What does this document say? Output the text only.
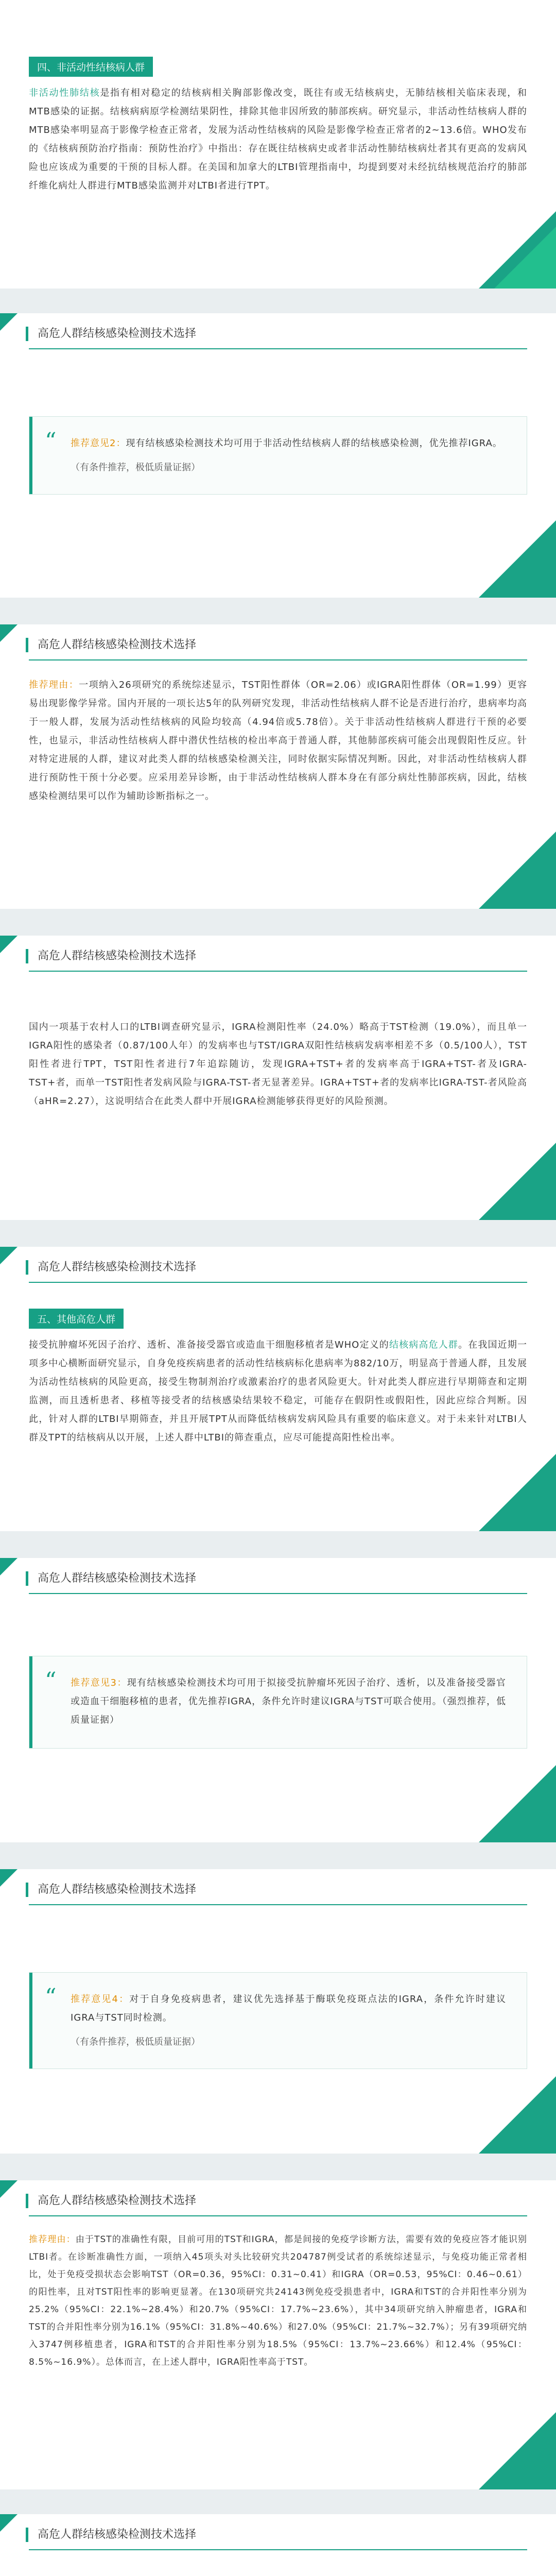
四、非活动性结核病人群

非活动性肺结核是指有相对稳定的结核病相关胸部影像改变，既往有或无结核病史，无肺结核相关临床表现，和MTB感染的证据。结核病病原学检测结果阴性，排除其他非因所致的肺部疾病。研究显示，非活动性结核病人群的MTB感染率明显高于影像学检查正常者，发展为活动性结核病的风险是影像学检查正常者的2~13.6倍。WHO发布的《结核病预防治疗指南：预防性治疗》中指出：存在既往结核病史或者非活动性肺结核病灶者其有更高的发病风险也应该成为重要的干预的目标人群。在美国和加拿大的LTBI管理指南中，均提到要对未经抗结核规范治疗的肺部纤维化病灶人群进行MTB感染监测并对LTBI者进行TPT。

高危人群结核感染检测技术选择
“ 推荐意见2：现有结核感染检测技术均可用于非活动性结核病人群的结核感染检测，优先推荐IGRA。

（有条件推荐，极低质量证据）

高危人群结核感染检测技术选择

推荐理由：一项纳入26项研究的系统综述显示，TST阳性群体（OR=2.06）或IGRA阳性群体（OR=1.99）更容易出现影像学异常。国内开展的一项长达5年的队列研究发现，非活动性结核病人群不论是否进行治疗，患病率均高于一般人群，发展为活动性结核病的风险均较高（4.94倍或5.78倍）。关于非活动性结核病人群进行干预的必要性，也显示，非活动性结核病人群中潜伏性结核的检出率高于普通人群，其他肺部疾病可能会出现假阳性反应。针对特定进展的人群，建议对此类人群的结核感染检测关注，同时依据实际情况判断。因此，对非活动性结核病人群进行预防性干预十分必要。应采用差异诊断，由于非活动性结核病人群本身在有部分病灶性肺部疾病，因此，结核感染检测结果可以作为辅助诊断指标之一。

高危人群结核感染检测技术选择

国内一项基于农村人口的LTBI调查研究显示，IGRA检测阳性率（24.0%）略高于TST检测（19.0%），而且单一IGRA阳性的感染者（0.87/100人年）的发病率也与TST/IGRA双阳性结核病发病率相差不多（0.5/100人），TST阳性者进行TPT，TST阳性者进行7年追踪随访，发现IGRA+TST+者的发病率高于IGRA+TST-者及IGRA-TST+者，而单一TST阳性者发病风险与IGRA-TST-者无显著差异。IGRA+TST+者的发病率比IGRA-TST-者风险高（aHR=2.27），这说明结合在此类人群中开展IGRA检测能够获得更好的风险预测。

高危人群结核感染检测技术选择
五、其他高危人群

接受抗肿瘤坏死因子治疗、透析、准备接受器官或造血干细胞移植者是WHO定义的结核病高危人群。在我国近期一项多中心横断面研究显示，自身免疫疾病患者的活动性结核病标化患病率为882/10万，明显高于普通人群，且发展为活动性结核病的风险更高，接受生物制剂治疗或激素治疗的患者风险更大。针对此类人群应进行早期筛查和定期监测，而且透析患者、移植等接受者的结核感染结果较不稳定，可能存在假阴性或假阳性，因此应综合判断。因此，针对人群的LTBI早期筛查，并且开展TPT从而降低结核病发病风险具有重要的临床意义。对于未来针对LTBI人群及TPT的结核病从以开展，上述人群中LTBI的筛查重点，应尽可能提高阳性检出率。

高危人群结核感染检测技术选择
“ 推荐意见3：现有结核感染检测技术均可用于拟接受抗肿瘤坏死因子治疗、透析，以及准备接受器官或造血干细胞移植的患者，优先推荐IGRA，条件允许时建议IGRA与TST可联合使用。（强烈推荐，低质量证据）

高危人群结核感染检测技术选择
“ 推荐意见4：对于自身免疫病患者，建议优先选择基于酶联免疫斑点法的IGRA，条件允许时建议IGRA与TST同时检测。

（有条件推荐，极低质量证据）

高危人群结核感染检测技术选择

推荐理由：由于TST的准确性有限，目前可用的TST和IGRA，都是间接的免疫学诊断方法，需要有效的免疫应答才能识别LTBI者。在诊断准确性方面，一项纳入45项头对头比较研究共204787例受试者的系统综述显示，与免疫功能正常者相比，处于免疫受损状态会影响TST（OR=0.36，95%CI：0.31~0.41）和IGRA（OR=0.53，95%CI：0.46~0.61）的阳性率，且对TST阳性率的影响更显著。在130项研究共24143例免疫受损患者中，IGRA和TST的合并阳性率分别为25.2%（95%CI：22.1%~28.4%）和20.7%（95%CI：17.7%~23.6%），其中34项研究纳入肿瘤患者，IGRA和TST的合并阳性率分别为16.1%（95%CI：31.8%~40.6%）和27.0%（95%CI：21.7%~32.7%）；另有39项研究纳入3747例移植患者，IGRA和TST的合并阳性率分别为18.5%（95%CI：13.7%~23.66%）和12.4%（95%CI：8.5%~16.9%）。总体而言，在上述人群中，IGRA阳性率高于TST。

高危人群结核感染检测技术选择
